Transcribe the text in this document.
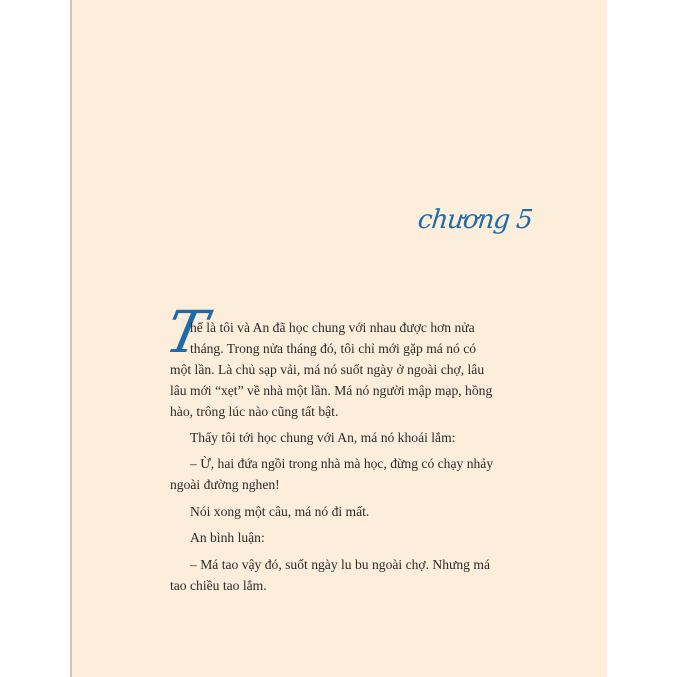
chương 5
T
hế là tôi và An đã học chung với nhau được hơn nửa
tháng. Trong nửa tháng đó, tôi chỉ mới gặp má nó có
một lần. Là chủ sạp vải, má nó suốt ngày ở ngoài chợ, lâu
lâu mới “xẹt” về nhà một lần. Má nó người mập mạp, hồng
hào, trông lúc nào cũng tất bật.
Thấy tôi tới học chung với An, má nó khoái lắm:
– Ừ, hai đứa ngồi trong nhà mà học, đừng có chạy nhảy
ngoài đường nghen!
Nói xong một câu, má nó đi mất.
An bình luận:
– Má tao vậy đó, suốt ngày lu bu ngoài chợ. Nhưng má
tao chiều tao lắm.
